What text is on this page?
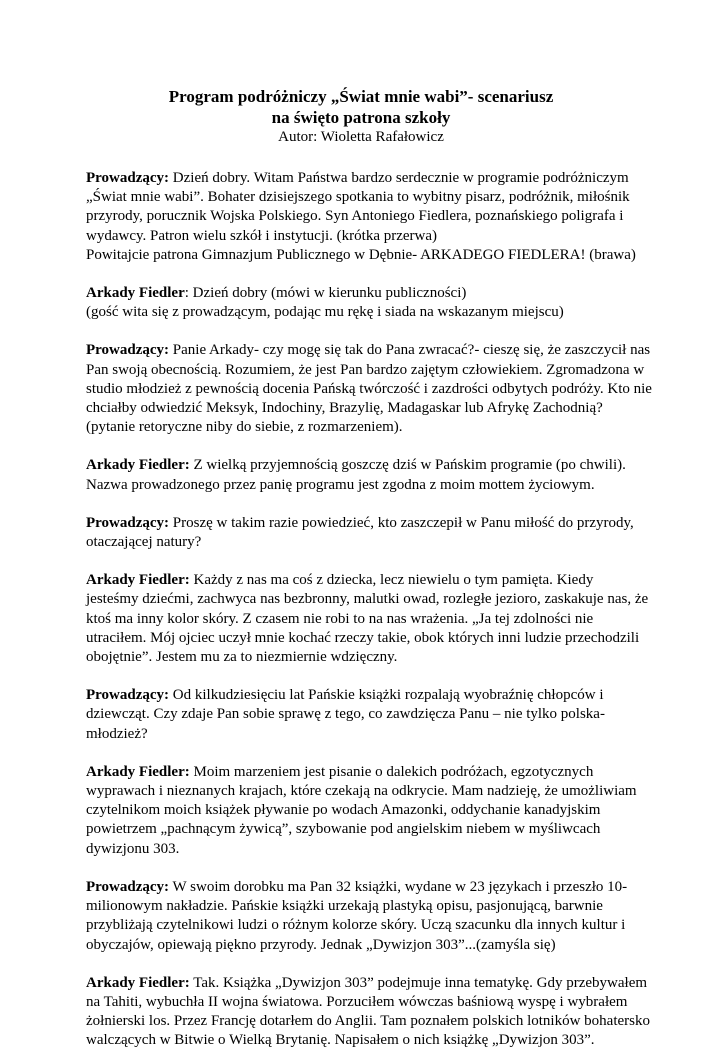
Program podróżniczy „Świat mnie wabi”- scenariusz
na święto patrona szkoły
Autor: Wioletta Rafałowicz
Prowadzący: Dzień dobry. Witam Państwa bardzo serdecznie w programie podróżniczym
„Świat mnie wabi”. Bohater dzisiejszego spotkania to wybitny pisarz, podróżnik, miłośnik
przyrody, porucznik Wojska Polskiego. Syn Antoniego Fiedlera, poznańskiego poligrafa i
wydawcy. Patron wielu szkół i instytucji. (krótka przerwa)
Powitajcie patrona Gimnazjum Publicznego w Dębnie- ARKADEGO FIEDLERA! (brawa)
Arkady Fiedler: Dzień dobry (mówi w kierunku publiczności)
(gość wita się z prowadzącym, podając mu rękę i siada na wskazanym miejscu)
Prowadzący: Panie Arkady- czy mogę się tak do Pana zwracać?- cieszę się, że zaszczycił nas
Pan swoją obecnością. Rozumiem, że jest Pan bardzo zajętym człowiekiem. Zgromadzona w
studio młodzież z pewnością docenia Pańską twórczość i zazdrości odbytych podróży. Kto nie
chciałby odwiedzić Meksyk, Indochiny, Brazylię, Madagaskar lub Afrykę Zachodnią?
(pytanie retoryczne niby do siebie, z rozmarzeniem).
Arkady Fiedler: Z wielką przyjemnością goszczę dziś w Pańskim programie (po chwili).
Nazwa prowadzonego przez panię programu jest zgodna z moim mottem życiowym.
Prowadzący: Proszę w takim razie powiedzieć, kto zaszczepił w Panu miłość do przyrody,
otaczającej natury?
Arkady Fiedler: Każdy z nas ma coś z dziecka, lecz niewielu o tym pamięta. Kiedy
jesteśmy dziećmi, zachwyca nas bezbronny, malutki owad, rozległe jezioro, zaskakuje nas, że
ktoś ma inny kolor skóry. Z czasem nie robi to na nas wrażenia. „Ja tej zdolności nie
utraciłem. Mój ojciec uczył mnie kochać rzeczy takie, obok których inni ludzie przechodzili
obojętnie”. Jestem mu za to niezmiernie wdzięczny.
Prowadzący: Od kilkudziesięciu lat Pańskie książki rozpalają wyobraźnię chłopców i
dziewcząt. Czy zdaje Pan sobie sprawę z tego, co zawdzięcza Panu – nie tylko polska-
młodzież?
Arkady Fiedler: Moim marzeniem jest pisanie o dalekich podróżach, egzotycznych
wyprawach i nieznanych krajach, które czekają na odkrycie. Mam nadzieję, że umożliwiam
czytelnikom moich książek pływanie po wodach Amazonki, oddychanie kanadyjskim
powietrzem „pachnącym żywicą”, szybowanie pod angielskim niebem w myśliwcach
dywizjonu 303.
Prowadzący: W swoim dorobku ma Pan 32 książki, wydane w 23 językach i przeszło 10-
milionowym nakładzie. Pańskie książki urzekają plastyką opisu, pasjonującą, barwnie
przybliżają czytelnikowi ludzi o różnym kolorze skóry. Uczą szacunku dla innych kultur i
obyczajów, opiewają piękno przyrody. Jednak „Dywizjon 303”...(zamyśla się)
Arkady Fiedler: Tak. Książka „Dywizjon 303” podejmuje inna tematykę. Gdy przebywałem
na Tahiti, wybuchła II wojna światowa. Porzuciłem wówczas baśniową wyspę i wybrałem
żołnierski los. Przez Francję dotarłem do Anglii. Tam poznałem polskich lotników bohatersko
walczących w Bitwie o Wielką Brytanię. Napisałem o nich książkę „Dywizjon 303”.
